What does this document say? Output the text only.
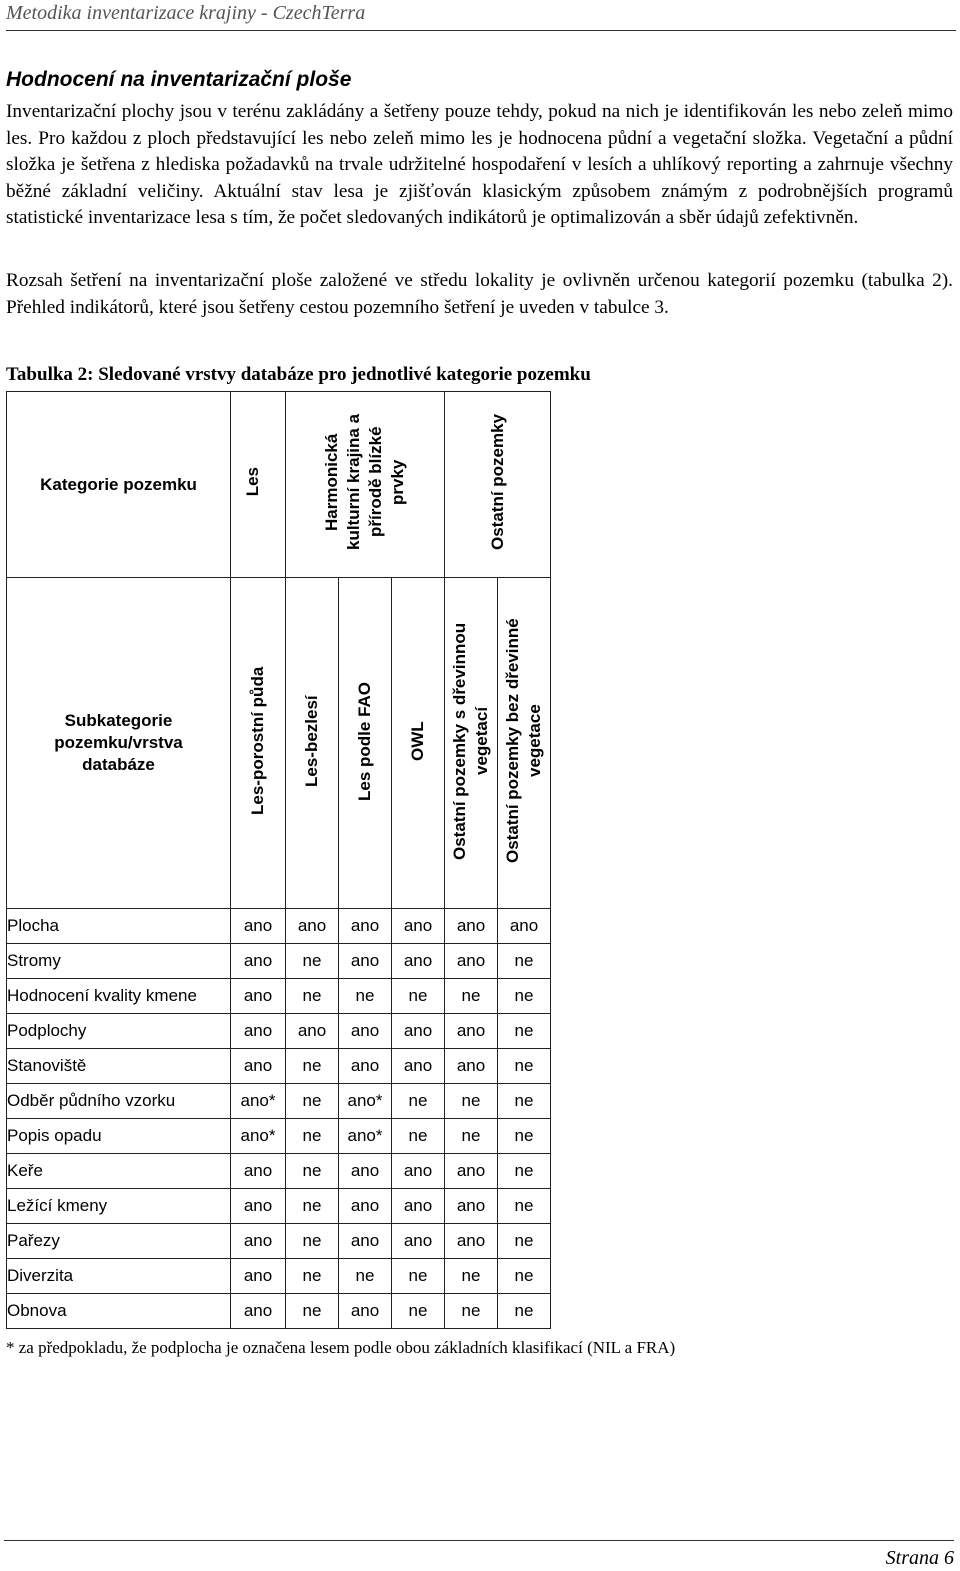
Metodika inventarizace krajiny - CzechTerra
Hodnocení na inventarizační ploše
Inventarizační plochy jsou v terénu zakládány a šetřeny pouze tehdy, pokud na nich je identifikován les nebo zeleň mimo les. Pro každou z ploch představující les nebo zeleň mimo les je hodnocena půdní a vegetační složka. Vegetační a půdní složka je šetřena z hlediska požadavků na trvale udržitelné hospodaření v lesích a uhlíkový reporting a zahrnuje všechny běžné základní veličiny. Aktuální stav lesa je zjišťován klasickým způsobem známým z podrobnějších programů statistické inventarizace lesa s tím, že počet sledovaných indikátorů je optimalizován a sběr údajů zefektivněn.
Rozsah šetření na inventarizační ploše založené ve středu lokality je ovlivněn určenou kategorií pozemku (tabulka 2). Přehled indikátorů, které jsou šetřeny cestou pozemního šetření je uveden v tabulce 3.
Tabulka 2: Sledované vrstvy databáze pro jednotlivé kategorie pozemku
Kategorie pozemku	Les	Harmonická kulturní krajina a přírodě blízké prvky			Ostatní pozemky	
Subkategorie pozemku/vrstva databáze	Les-porostní půda	Les-bezlesí	Les podle FAO	OWL	Ostatní pozemky s dřevinnou vegetací	Ostatní pozemky bez dřevinné vegetace
Plocha	ano	ano	ano	ano	ano	ano
Stromy	ano	ne	ano	ano	ano	ne
Hodnocení kvality kmene	ano	ne	ne	ne	ne	ne
Podplochy	ano	ano	ano	ano	ano	ne
Stanoviště	ano	ne	ano	ano	ano	ne
Odběr půdního vzorku	ano*	ne	ano*	ne	ne	ne
Popis opadu	ano*	ne	ano*	ne	ne	ne
Keře	ano	ne	ano	ano	ano	ne
Ležící kmeny	ano	ne	ano	ano	ano	ne
Pařezy	ano	ne	ano	ano	ano	ne
Diverzita	ano	ne	ne	ne	ne	ne
Obnova	ano	ne	ano	ne	ne	ne
* za předpokladu, že podplocha je označena lesem podle obou základních klasifikací (NIL a FRA)
Strana 6
